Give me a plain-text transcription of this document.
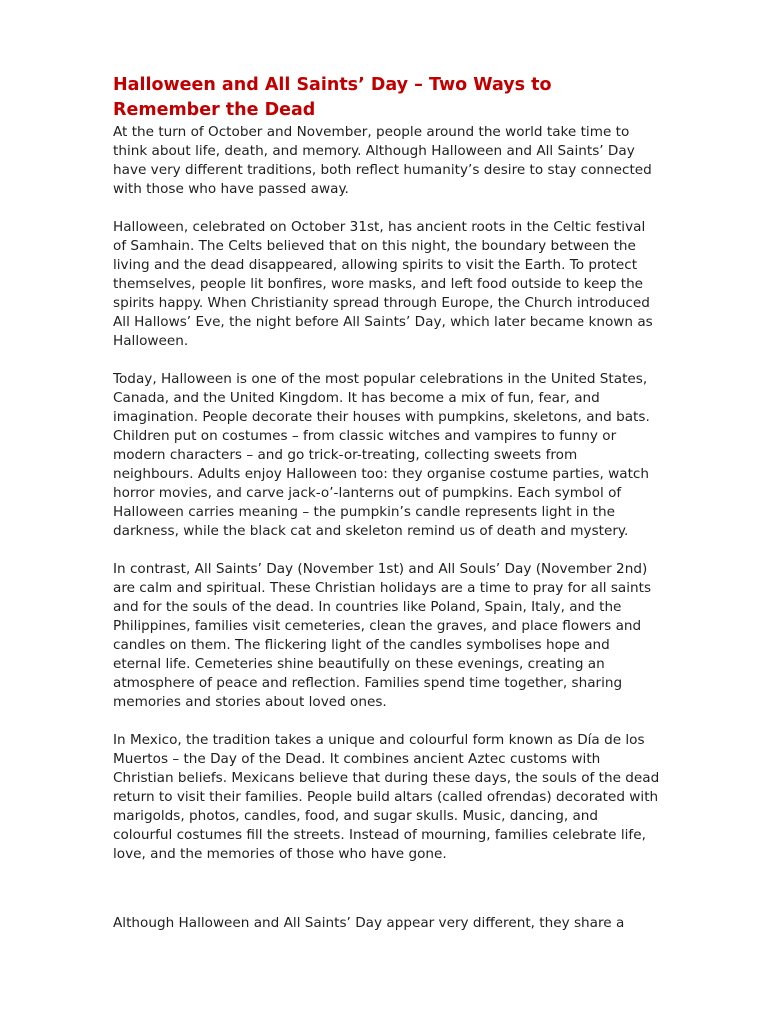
Halloween and All Saints’ Day – Two Ways to Remember the Dead

At the turn of October and November, people around the world take time to think about life, death, and memory. Although Halloween and All Saints’ Day have very different traditions, both reflect humanity’s desire to stay connected with those who have passed away.

Halloween, celebrated on October 31st, has ancient roots in the Celtic festival of Samhain. The Celts believed that on this night, the boundary between the living and the dead disappeared, allowing spirits to visit the Earth. To protect themselves, people lit bonfires, wore masks, and left food outside to keep the spirits happy. When Christianity spread through Europe, the Church introduced All Hallows’ Eve, the night before All Saints’ Day, which later became known as Halloween.

Today, Halloween is one of the most popular celebrations in the United States, Canada, and the United Kingdom. It has become a mix of fun, fear, and imagination. People decorate their houses with pumpkins, skeletons, and bats. Children put on costumes – from classic witches and vampires to funny or modern characters – and go trick-or-treating, collecting sweets from neighbours. Adults enjoy Halloween too: they organise costume parties, watch horror movies, and carve jack-o’-lanterns out of pumpkins. Each symbol of Halloween carries meaning – the pumpkin’s candle represents light in the darkness, while the black cat and skeleton remind us of death and mystery.

In contrast, All Saints’ Day (November 1st) and All Souls’ Day (November 2nd) are calm and spiritual. These Christian holidays are a time to pray for all saints and for the souls of the dead. In countries like Poland, Spain, Italy, and the Philippines, families visit cemeteries, clean the graves, and place flowers and candles on them. The flickering light of the candles symbolises hope and eternal life. Cemeteries shine beautifully on these evenings, creating an atmosphere of peace and reflection. Families spend time together, sharing memories and stories about loved ones.

In Mexico, the tradition takes a unique and colourful form known as Día de los Muertos – the Day of the Dead. It combines ancient Aztec customs with Christian beliefs. Mexicans believe that during these days, the souls of the dead return to visit their families. People build altars (called ofrendas) decorated with marigolds, photos, candles, food, and sugar skulls. Music, dancing, and colourful costumes fill the streets. Instead of mourning, families celebrate life, love, and the memories of those who have gone.

Although Halloween and All Saints’ Day appear very different, they share a
